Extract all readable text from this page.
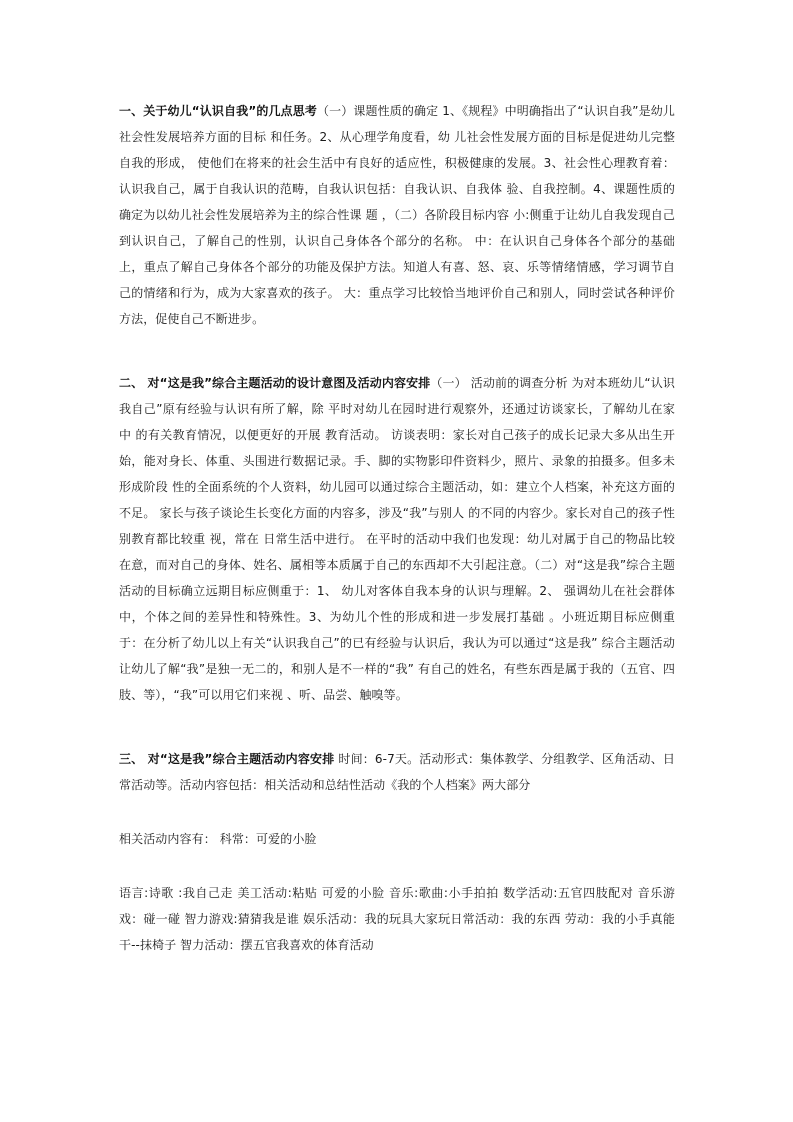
一、关于幼儿“认识自我”的几点思考（一）课题性质的确定 1、《规程》中明确指出了“认识自我”是幼儿社会性发展培养方面的目标 和任务。2、从心理学角度看，幼 儿社会性发展方面的目标是促进幼儿完整自我的形成， 使他们在将来的社会生活中有良好的适应性，积极健康的发展。3、社会性心理教育着：认识我自己，属于自我认识的范畴，自我认识包括：自我认识、自我体 验、自我控制。4、课题性质的确定为以幼儿社会性发展培养为主的综合性课 题 ，（二）各阶段目标内容 小:侧重于让幼儿自我发现自己到认识自己，了解自己的性别，认识自己身体各个部分的名称。 中：在认识自己身体各个部分的基础上，重点了解自己身体各个部分的功能及保护方法。知道人有喜、怒、哀、乐等情绪情感，学习调节自己的情绪和行为，成为大家喜欢的孩子。 大：重点学习比较恰当地评价自己和别人，同时尝试各种评价方法，促使自己不断进步。

二、 对“这是我”综合主题活动的设计意图及活动内容安排（一） 活动前的调查分析 为对本班幼儿“认识我自己”原有经验与认识有所了解，除 平时对幼儿在园时进行观察外，还通过访谈家长，了解幼儿在家 中 的有关教育情况，以便更好的开展 教育活动。 访谈表明：家长对自己孩子的成长记录大多从出生开始，能对身长、体重、头围进行数据记录。手、脚的实物影印件资料少，照片、录象的拍摄多。但多未形成阶段 性的全面系统的个人资料，幼儿园可以通过综合主题活动，如：建立个人档案，补充这方面的不足。 家长与孩子谈论生长变化方面的内容多，涉及“我”与别人 的不同的内容少。家长对自己的孩子性别教育都比较重 视，常在 日常生活中进行。 在平时的活动中我们也发现：幼儿对属于自己的物品比较在意，而对自己的身体、姓名、属相等本质属于自己的东西却不大引起注意。（二）对“这是我”综合主题活动的目标确立远期目标应侧重于：1、 幼儿对客体自我本身的认识与理解。2、 强调幼儿在社会群体中，个体之间的差异性和特殊性。3、为幼儿个性的形成和进一步发展打基础 。小班近期目标应侧重于：在分析了幼儿以上有关“认识我自己”的已有经验与认识后，我认为可以通过“这是我” 综合主题活动让幼儿了解“我”是独一无二的，和别人是不一样的“我” 有自己的姓名，有些东西是属于我的（五官、四肢、等），“我”可以用它们来视 、听、品尝、触嗅等。

三、 对“这是我”综合主题活动内容安排 时间：6-7天。活动形式：集体教学、分组教学、区角活动、日常活动等。活动内容包括：相关活动和总结性活动《我的个人档案》两大部分

相关活动内容有： 科常：可爱的小脸

语言:诗歌 :我自己走 美工活动:粘贴 可爱的小脸 音乐:歌曲:小手拍拍 数学活动:五官四肢配对 音乐游戏：碰一碰 智力游戏:猜猜我是谁 娱乐活动：我的玩具大家玩日常活动：我的东西 劳动：我的小手真能干--抹椅子 智力活动：摆五官我喜欢的体育活动
